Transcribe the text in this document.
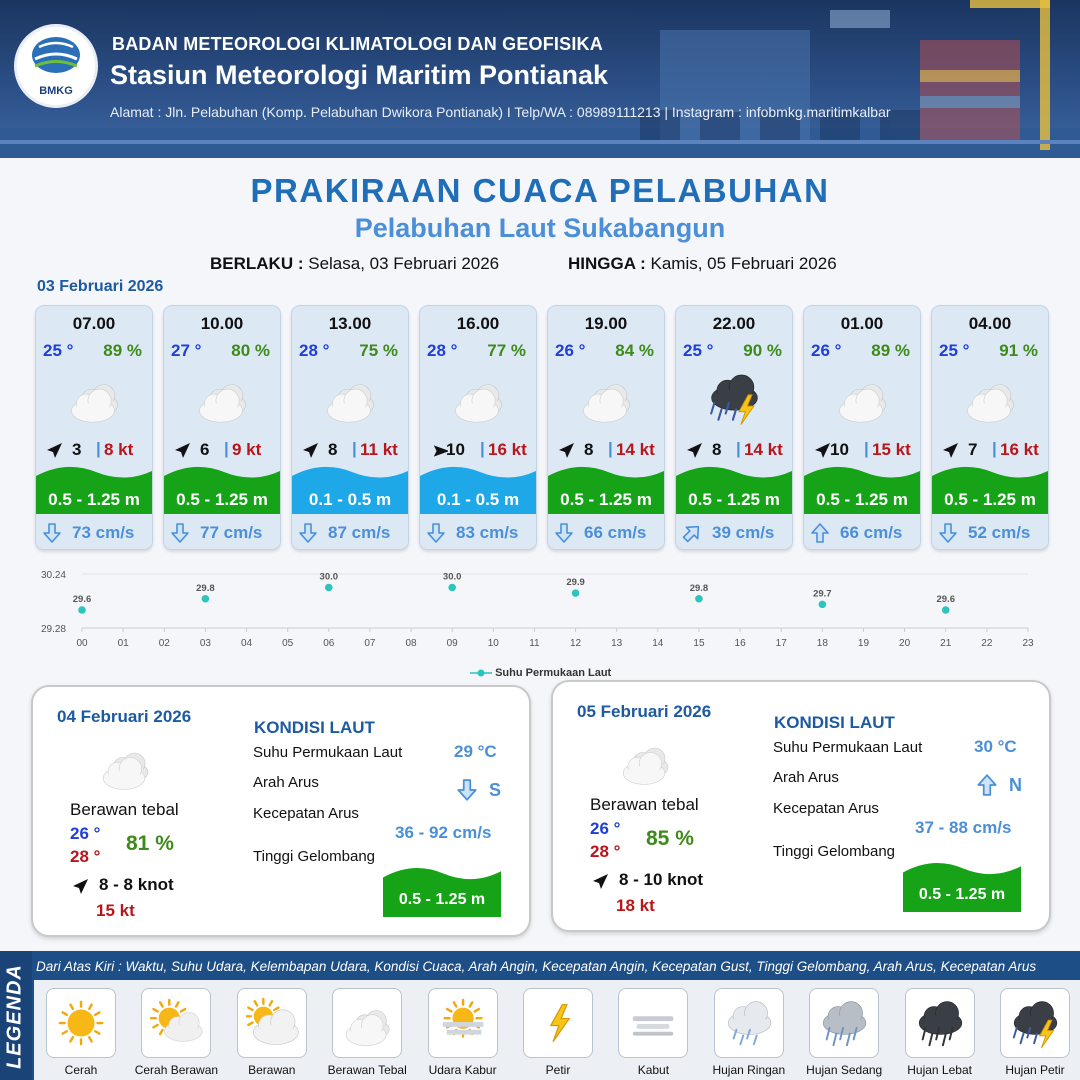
BMKG
BADAN METEOROLOGI KLIMATOLOGI DAN GEOFISIKA
Stasiun Meteorologi Maritim Pontianak
Alamat : Jln. Pelabuhan (Komp. Pelabuhan Dwikora Pontianak) I Telp/WA : 08989111213 | Instagram : infobmkg.maritimkalbar
PRAKIRAAN CUACA PELABUHAN
Pelabuhan Laut Sukabangun
BERLAKU : Selasa, 03 Februari 2026	HINGGA : Kamis, 05 Februari 2026
03 Februari 2026
07.00
25 ° 89 %
3 | 8 kt
0.5 - 1.25 m
73 cm/s
10.00
27 ° 80 %
6 | 9 kt
0.5 - 1.25 m
77 cm/s
13.00
28 ° 75 %
8 | 11 kt
0.1 - 0.5 m
87 cm/s
16.00
28 ° 77 %
10 | 16 kt
0.1 - 0.5 m
83 cm/s
19.00
26 ° 84 %
8 | 14 kt
0.5 - 1.25 m
66 cm/s
22.00
25 ° 90 %
8 | 14 kt
0.5 - 1.25 m
39 cm/s
01.00
26 ° 89 %
10 | 15 kt
0.5 - 1.25 m
66 cm/s
04.00
25 ° 91 %
7 | 16 kt
0.5 - 1.25 m
52 cm/s
30.24
29.28
00	01	02	03	04	05	06	07	08	09	10	11	12	13	14	15	16	17	18	19	20	21	22	23
29.6
29.8
30.0	30.0
29.9
29.8
29.7
29.6
Suhu Permukaan Laut
04 Februari 2026
Berawan tebal
26 °
28 °
81 %
8 - 8 knot
15 kt
KONDISI LAUT
Suhu Permukaan Laut	29 °C
Arah Arus	S
Kecepatan Arus
36 - 92 cm/s
Tinggi Gelombang
0.5 - 1.25 m
05 Februari 2026
Berawan tebal
26 °
28 °
85 %
8 - 10 knot
18 kt
KONDISI LAUT
Suhu Permukaan Laut	30 °C
Arah Arus	N
Kecepatan Arus
37 - 88 cm/s
Tinggi Gelombang
0.5 - 1.25 m
LEGENDA Dari Atas Kiri : Waktu, Suhu Udara, Kelembapan Udara, Kondisi Cuaca, Arah Angin, Kecepatan Angin, Kecepatan Gust, Tinggi Gelombang, Arah Arus, Kecepatan Arus
Cerah	Cerah Berawan	Berawan	Berawan Tebal	Udara Kabur	Petir	Kabut	Hujan Ringan	Hujan Sedang	Hujan Lebat	Hujan Petir
